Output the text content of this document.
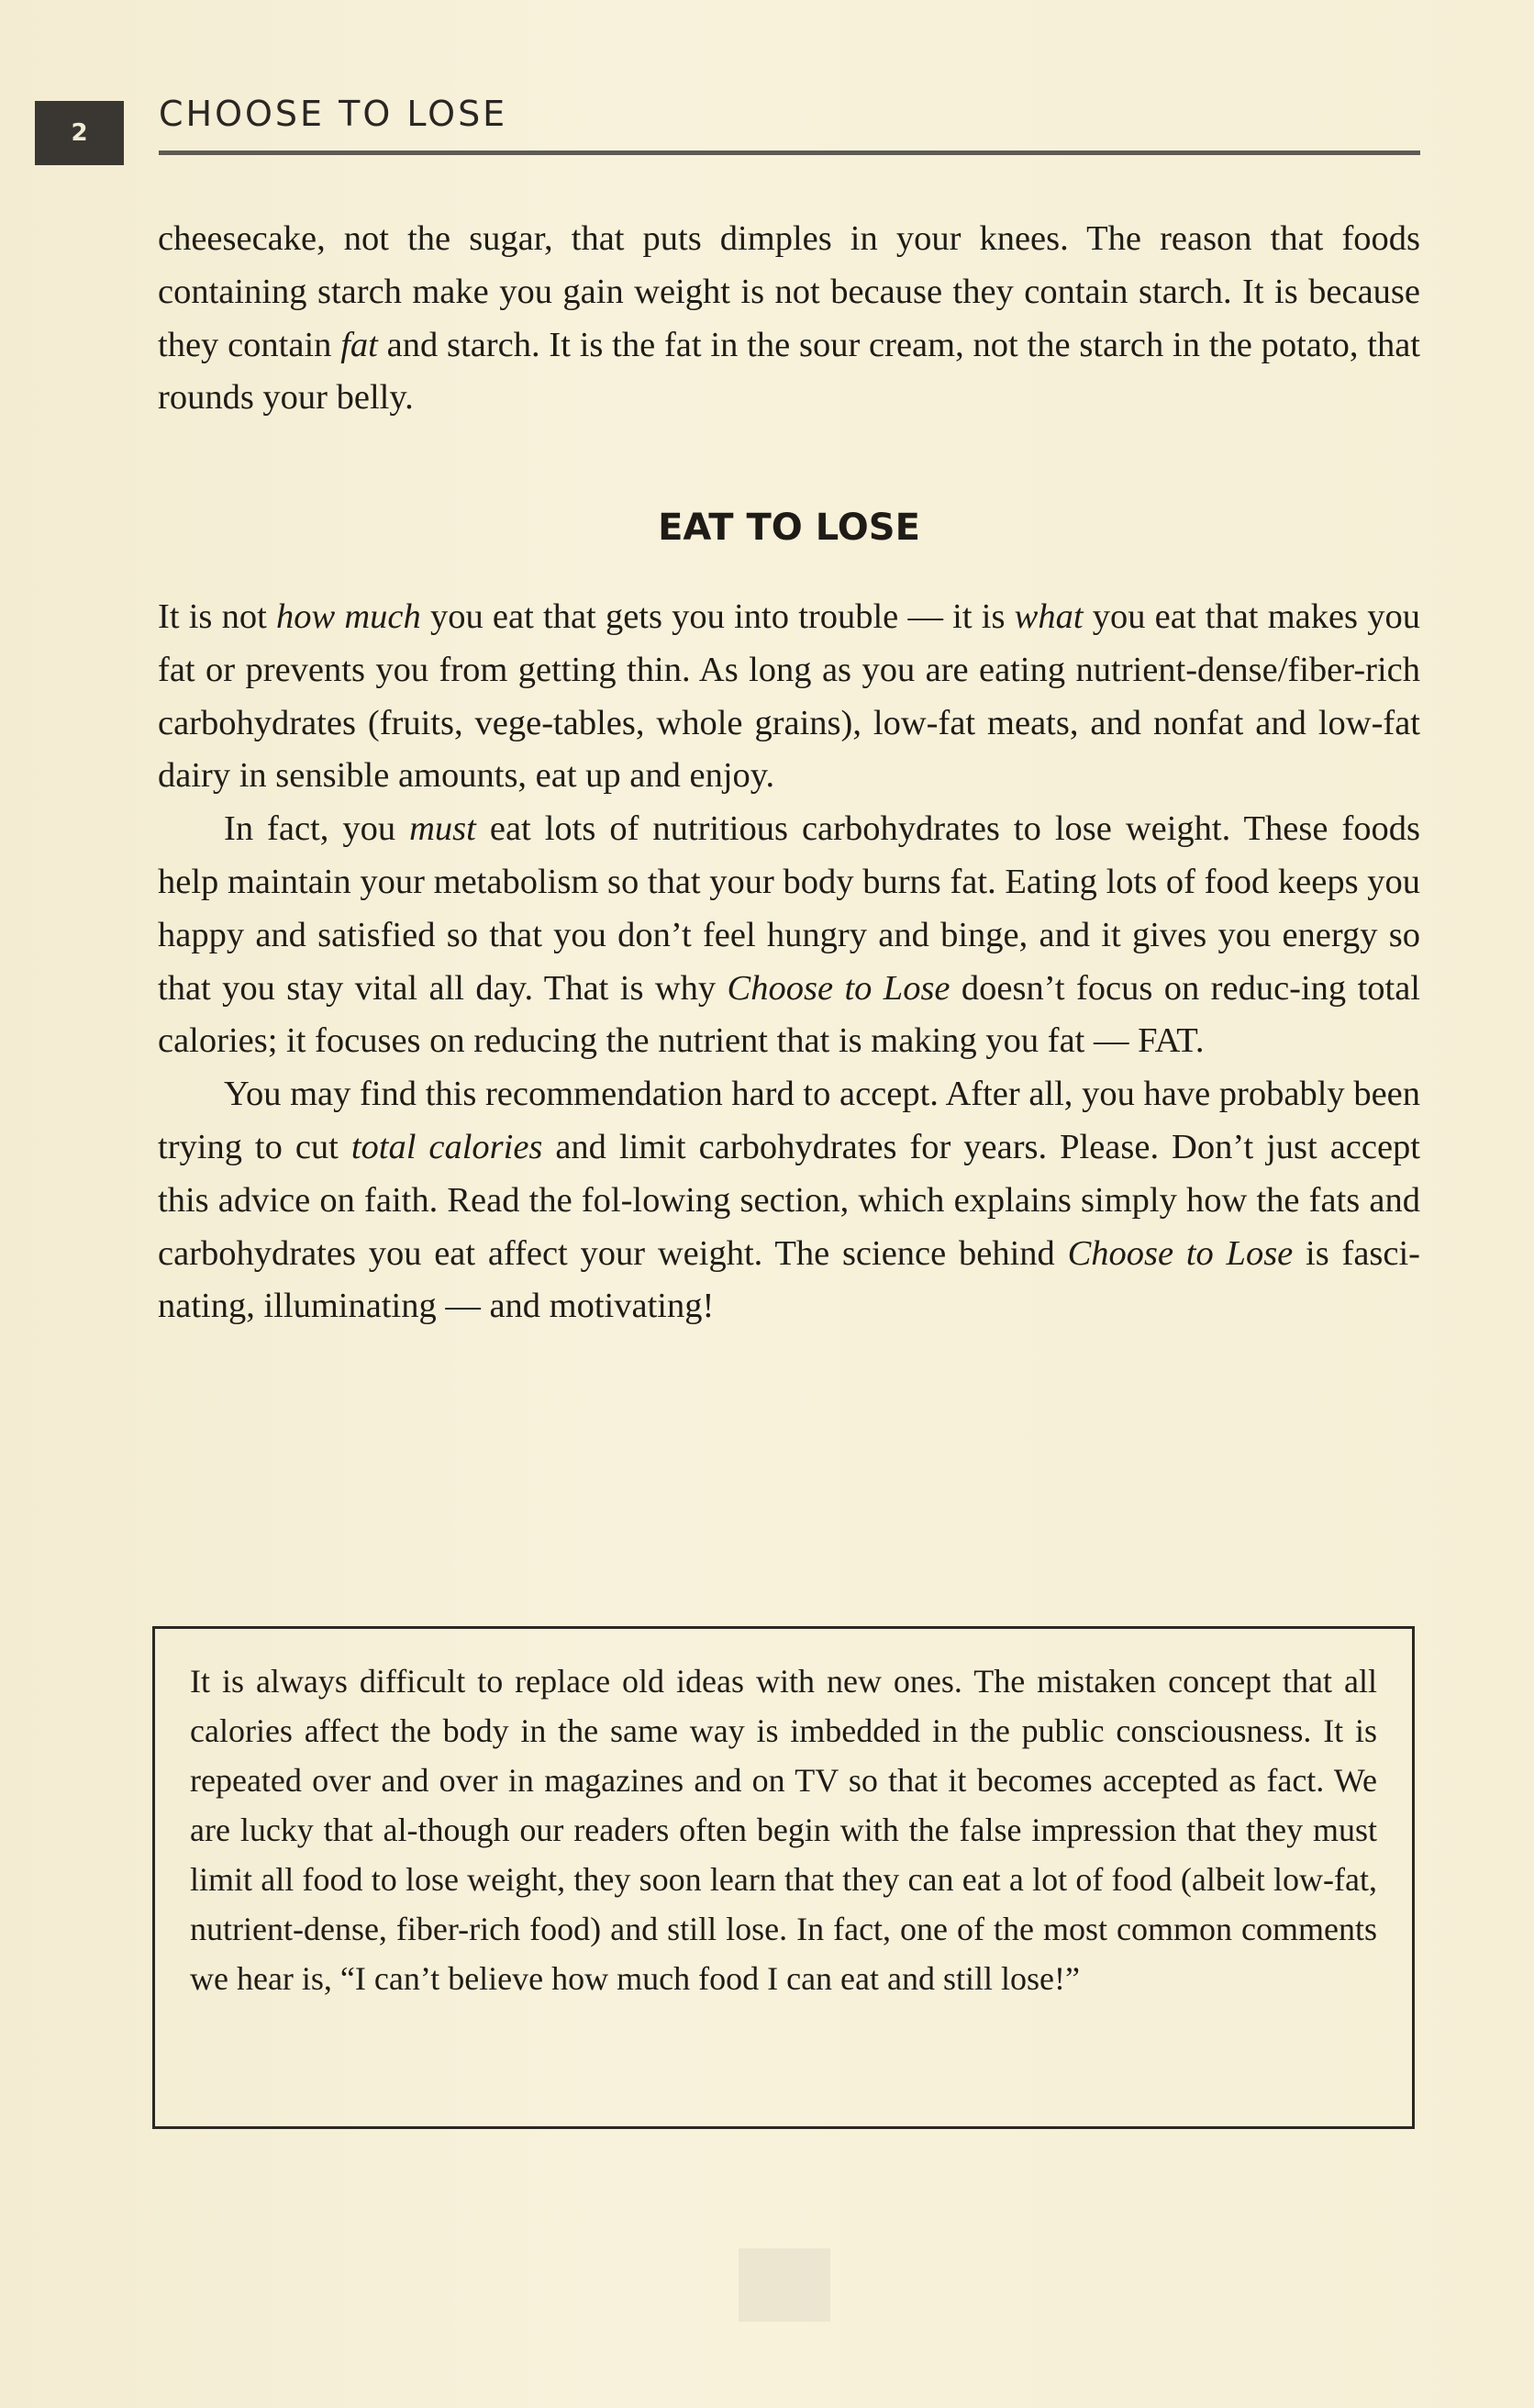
2	CHOOSE TO LOSE

cheesecake, not the sugar, that puts dimples in your knees. The reason that foods containing starch make you gain weight is not because they contain starch. It is because they contain fat and starch. It is the fat in the sour cream, not the starch in the potato, that rounds your belly.

EAT TO LOSE

It is not how much you eat that gets you into trouble — it is what you eat that makes you fat or prevents you from getting thin. As long as you are eating nutrient-dense/fiber-rich carbohydrates (fruits, vege-tables, whole grains), low-fat meats, and nonfat and low-fat dairy in sensible amounts, eat up and enjoy.

In fact, you must eat lots of nutritious carbohydrates to lose weight. These foods help maintain your metabolism so that your body burns fat. Eating lots of food keeps you happy and satisfied so that you don’t feel hungry and binge, and it gives you energy so that you stay vital all day. That is why Choose to Lose doesn’t focus on reduc-ing total calories; it focuses on reducing the nutrient that is making you fat — FAT.

You may find this recommendation hard to accept. After all, you have probably been trying to cut total calories and limit carbohydrates for years. Please. Don’t just accept this advice on faith. Read the fol-lowing section, which explains simply how the fats and carbohydrates you eat affect your weight. The science behind Choose to Lose is fasci-nating, illuminating — and motivating!

It is always difficult to replace old ideas with new ones. The mistaken concept that all calories affect the body in the same way is imbedded in the public consciousness. It is repeated over and over in magazines and on TV so that it becomes accepted as fact. We are lucky that al-though our readers often begin with the false impression that they must limit all food to lose weight, they soon learn that they can eat a lot of food (albeit low-fat, nutrient-dense, fiber-rich food) and still lose. In fact, one of the most common comments we hear is, “I can’t believe how much food I can eat and still lose!”
